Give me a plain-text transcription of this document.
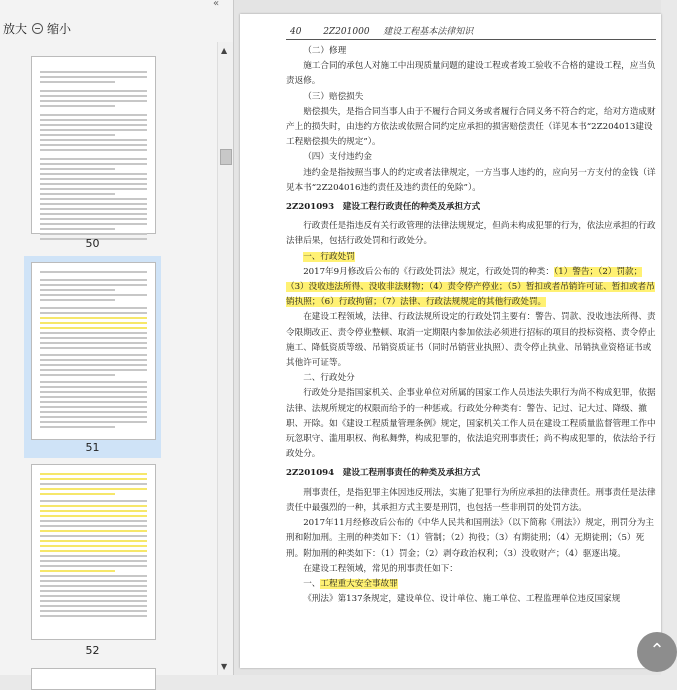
«
放大 缩小
50
51
52
▲
▼
40 2Z201000 建设工程基本法律知识

（二）修理

施工合同的承包人对施工中出现质量问题的建设工程或者竣工验收不合格的建设工程，应当负责返修。

（三）赔偿损失

赔偿损失，是指合同当事人由于不履行合同义务或者履行合同义务不符合约定，给对方造成财产上的损失时，由违约方依法或依照合同约定应承担的损害赔偿责任（详见本书“2Z204013建设工程赔偿损失的规定”）。

（四）支付违约金

违约金是指按照当事人的约定或者法律规定，一方当事人违约的，应向另一方支付的金钱（详见本书“2Z204016违约责任及违约责任的免除”）。

2Z201093　建设工程行政责任的种类及承担方式

行政责任是指违反有关行政管理的法律法规规定，但尚未构成犯罪的行为，依法应承担的行政法律后果，包括行政处罚和行政处分。

一、行政处罚

2017年9月修改后公布的《行政处罚法》规定，行政处罚的种类：（1）警告；（2）罚款；（3）没收违法所得、没收非法财物；（4）责令停产停业；（5）暂扣或者吊销许可证、暂扣或者吊销执照；（6）行政拘留；（7）法律、行政法规规定的其他行政处罚。

在建设工程领域，法律、行政法规所设定的行政处罚主要有：警告、罚款、没收违法所得、责令限期改正、责令停业整顿、取消一定期限内参加依法必须进行招标的项目的投标资格、责令停止施工、降低资质等级、吊销资质证书（同时吊销营业执照）、责令停止执业、吊销执业资格证书或其他许可证等。

二、行政处分

行政处分是指国家机关、企事业单位对所属的国家工作人员违法失职行为尚不构成犯罪，依据法律、法规所规定的权限而给予的一种惩戒。行政处分种类有：警告、记过、记大过、降级、撤职、开除。如《建设工程质量管理条例》规定，国家机关工作人员在建设工程质量监督管理工作中玩忽职守、滥用职权、徇私舞弊，构成犯罪的，依法追究刑事责任；尚不构成犯罪的，依法给予行政处分。

2Z201094　建设工程刑事责任的种类及承担方式

刑事责任，是指犯罪主体因违反刑法，实施了犯罪行为所应承担的法律责任。刑事责任是法律责任中最强烈的一种，其承担方式主要是刑罚，也包括一些非刑罚的处罚方法。

2017年11月经修改后公布的《中华人民共和国刑法》（以下简称《刑法》）规定，刑罚分为主刑和附加刑。主刑的种类如下：（1）管制；（2）拘役；（3）有期徒刑；（4）无期徒刑；（5）死刑。附加刑的种类如下：（1）罚金；（2）剥夺政治权利；（3）没收财产；（4）驱逐出境。

在建设工程领域，常见的刑事责任如下：

一、工程重大安全事故罪

《刑法》第137条规定，建设单位、设计单位、施工单位、工程监理单位违反国家规

⌃
